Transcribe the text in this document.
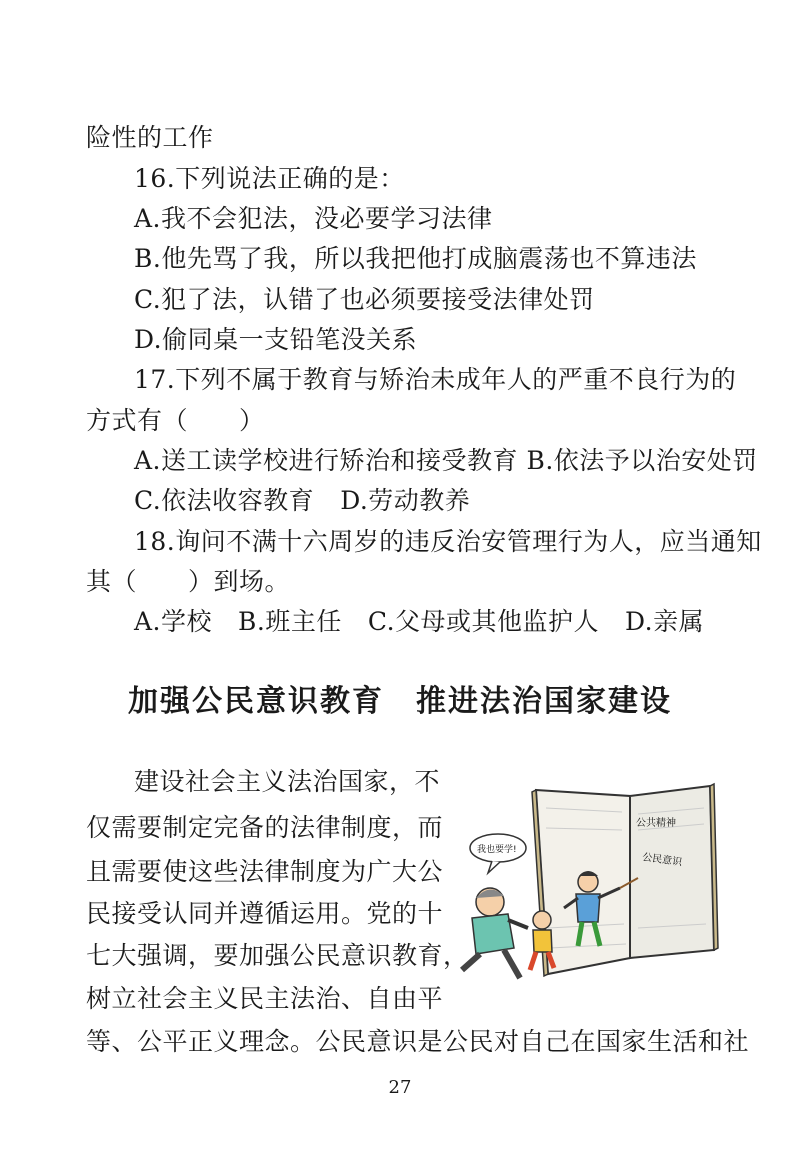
险性的工作
16.下列说法正确的是：
A.我不会犯法，没必要学习法律
B.他先骂了我，所以我把他打成脑震荡也不算违法
C.犯了法，认错了也必须要接受法律处罚
D.偷同桌一支铅笔没关系
17.下列不属于教育与矫治未成年人的严重不良行为的
方式有（　　）
A.送工读学校进行矫治和接受教育 B.依法予以治安处罚
C.依法收容教育 D.劳动教养
18.询问不满十六周岁的违反治安管理行为人，应当通知
其（　　）到场。
A.学校 B.班主任 C.父母或其他监护人 D.亲属
加强公民意识教育　推进法治国家建设
建设社会主义法治国家，不
仅需要制定完备的法律制度，而
且需要使这些法律制度为广大公
民接受认同并遵循运用。党的十
七大强调，要加强公民意识教育，
树立社会主义民主法治、自由平
等、公平正义理念。公民意识是公民对自己在国家生活和社
公共精神
公民意识
我也要学!
27
